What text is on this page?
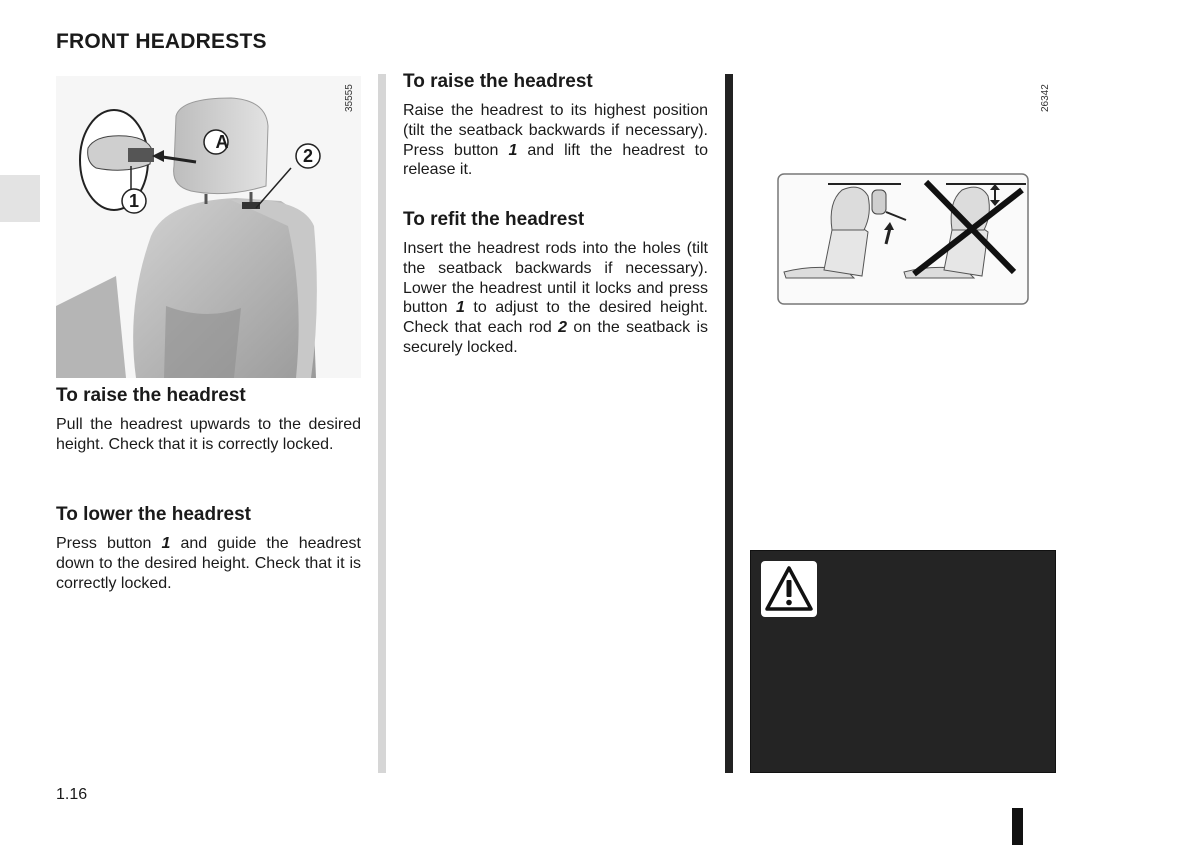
FRONT HEADRESTS
A
2
1
35555
To raise the headrest

Pull the headrest upwards to the desired height. Check that it is correctly locked.

To lower the headrest

Press button 1 and guide the headrest down to the desired height. Check that it is correctly locked.

To raise the headrest

Raise the headrest to its highest position (tilt the seatback backwards if necessary). Press button 1 and lift the headrest to release it.

To refit the headrest

Insert the headrest rods into the holes (tilt the seatback backwards if necessary). Lower the headrest until it locks and press button 1 to adjust to the desired height. Check that each rod 2 on the seatback is securely locked.

26342
1.16
